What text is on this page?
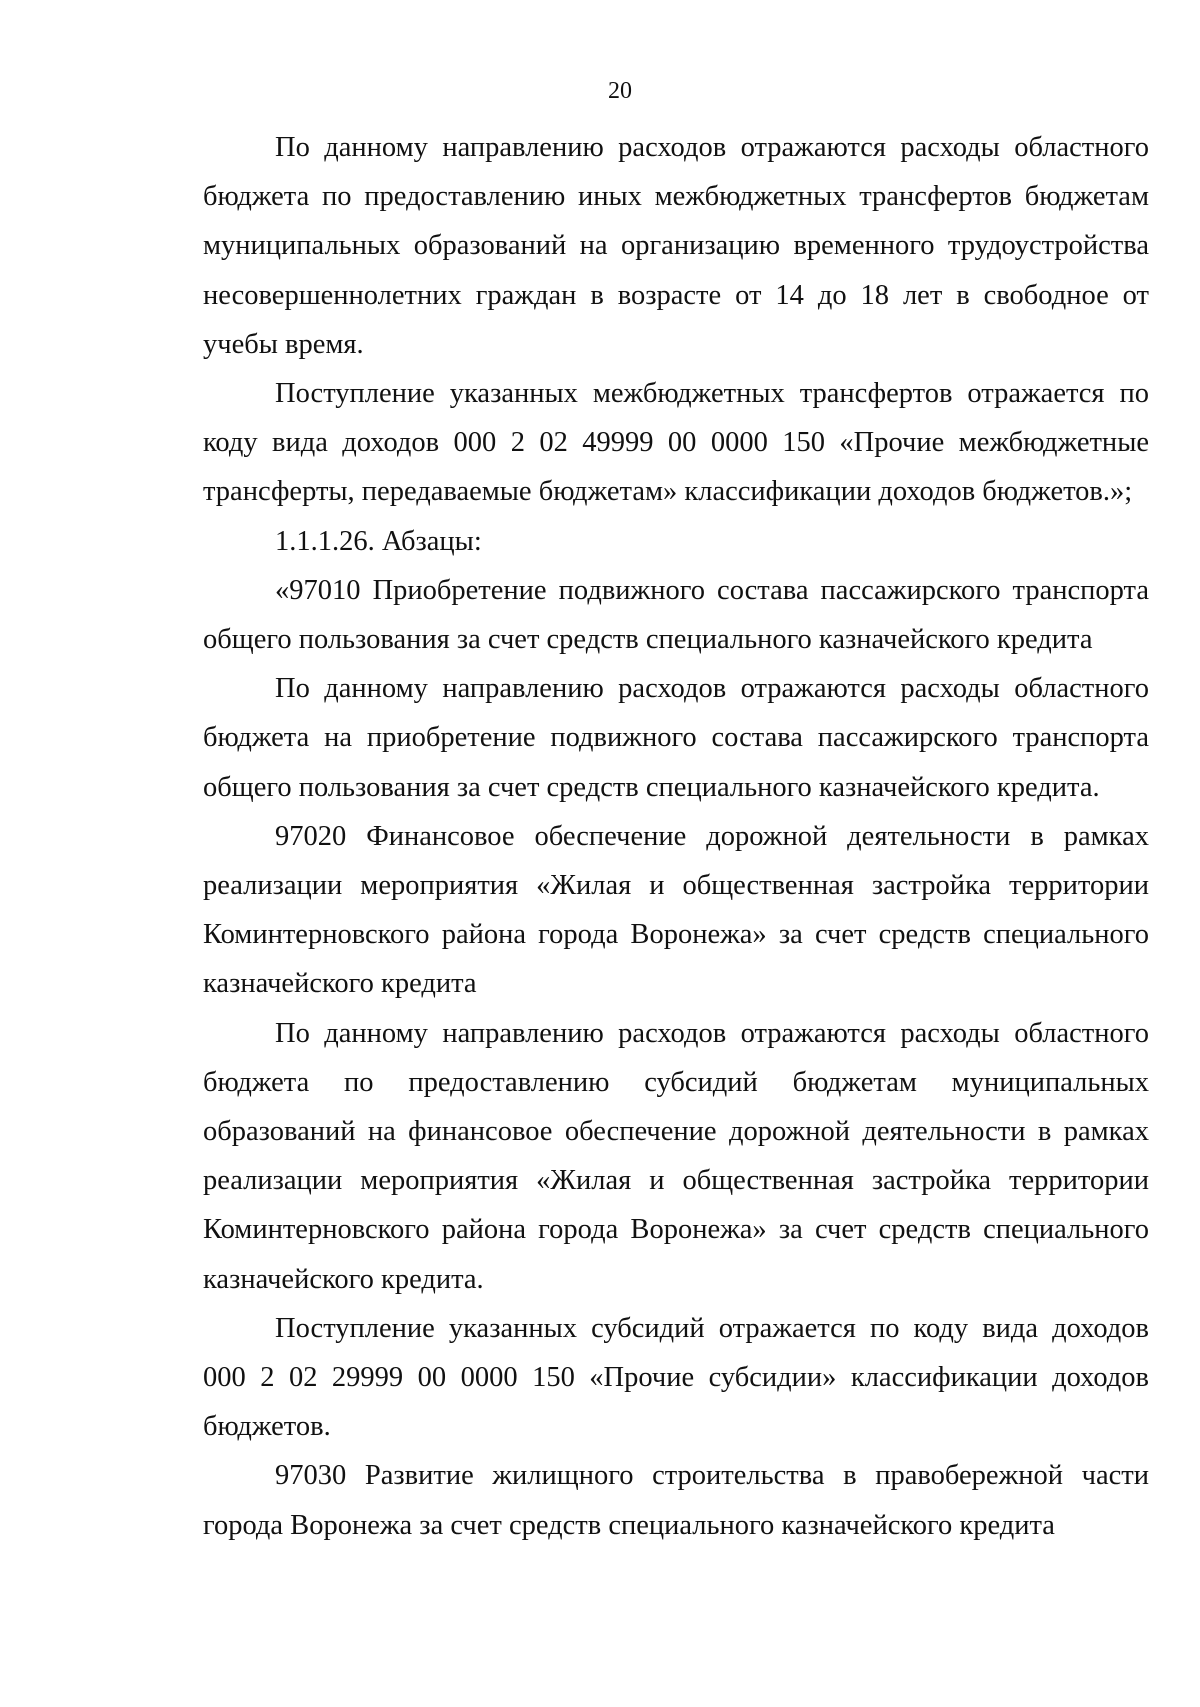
20

По данному направлению расходов отражаются расходы областного бюджета по предоставлению иных межбюджетных трансфертов бюджетам муниципальных образований на организацию временного трудоустройства несовершеннолетних граждан в возрасте от 14 до 18 лет в свободное от учебы время.

Поступление указанных межбюджетных трансфертов отражается по коду вида доходов 000 2 02 49999 00 0000 150 «Прочие межбюджетные трансферты, передаваемые бюджетам» классификации доходов бюджетов.»;

1.1.1.26. Абзацы:

«97010 Приобретение подвижного состава пассажирского транспорта общего пользования за счет средств специального казначейского кредита

По данному направлению расходов отражаются расходы областного бюджета на приобретение подвижного состава пассажирского транспорта общего пользования за счет средств специального казначейского кредита.

97020 Финансовое обеспечение дорожной деятельности в рамках реализации мероприятия «Жилая и общественная застройка территории Коминтерновского района города Воронежа» за счет средств специального казначейского кредита

По данному направлению расходов отражаются расходы областного бюджета по предоставлению субсидий бюджетам муниципальных образований на финансовое обеспечение дорожной деятельности в рамках реализации мероприятия «Жилая и общественная застройка территории Коминтерновского района города Воронежа» за счет средств специального казначейского кредита.

Поступление указанных субсидий отражается по коду вида доходов 000 2 02 29999 00 0000 150 «Прочие субсидии» классификации доходов бюджетов.

97030 Развитие жилищного строительства в правобережной части города Воронежа за счет средств специального казначейского кредита
